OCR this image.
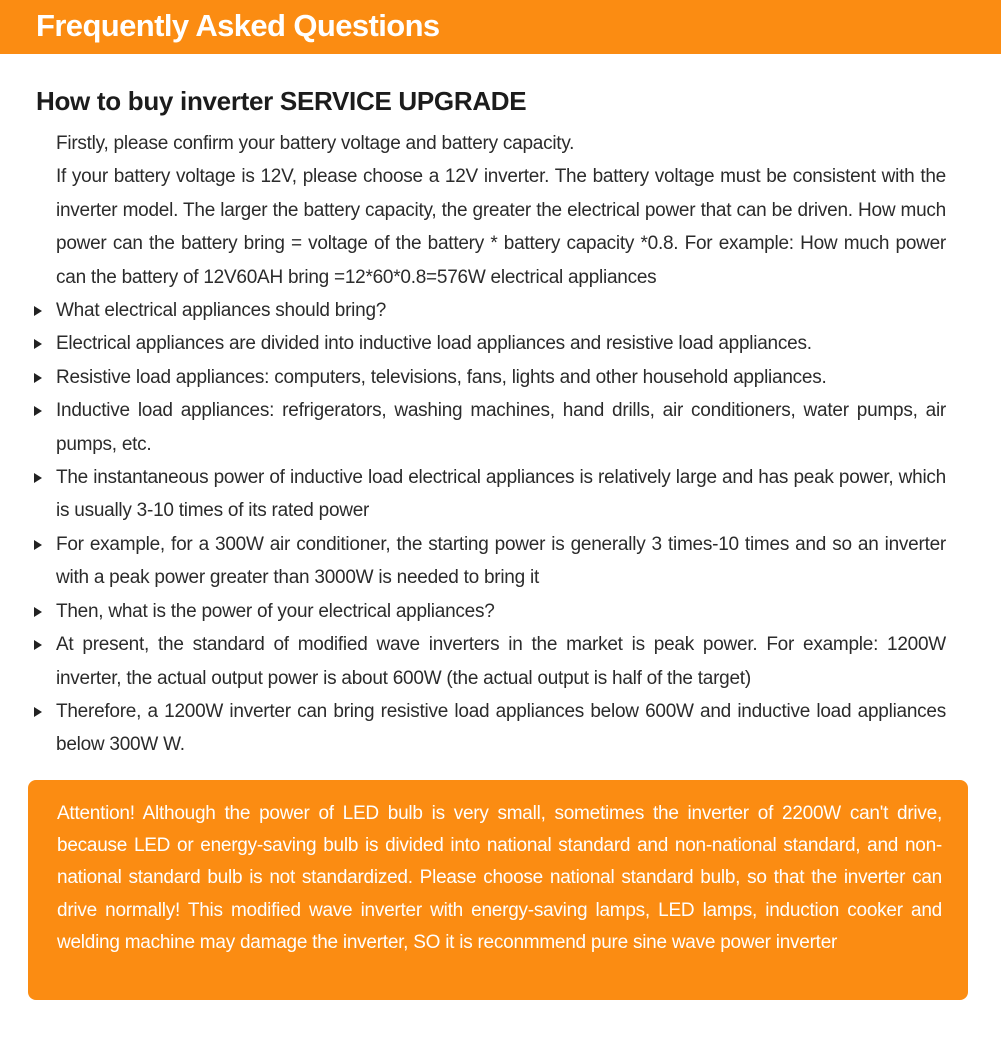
Frequently Asked Questions
How to buy inverter SERVICE UPGRADE

Firstly, please confirm your battery voltage and battery capacity.

If your battery voltage is 12V, please choose a 12V inverter. The battery voltage must be consistent with the inverter model. The larger the battery capacity, the greater the electrical power that can be driven. How much power can the battery bring = voltage of the battery * battery capacity *0.8. For example: How much power can the battery of 12V60AH bring =12*60*0.8=576W electrical appliances

What electrical appliances should bring?
Electrical appliances are divided into inductive load appliances and resistive load appliances.
Resistive load appliances: computers, televisions, fans, lights and other household appliances.
Inductive load appliances: refrigerators, washing machines, hand drills, air conditioners, water pumps, air pumps, etc.
The instantaneous power of inductive load electrical appliances is relatively large and has peak power, which is usually 3-10 times of its rated power
For example, for a 300W air conditioner, the starting power is generally 3 times-10 times and so an inverter with a peak power greater than 3000W is needed to bring it
Then, what is the power of your electrical appliances?
At present, the standard of modified wave inverters in the market is peak power. For example: 1200W inverter, the actual output power is about 600W (the actual output is half of the target)
Therefore, a 1200W inverter can bring resistive load appliances below 600W and inductive load appliances below 300W W.

Attention! Although the power of LED bulb is very small, sometimes the inverter of 2200W can't drive, because LED or energy-saving bulb is divided into national standard and non-national standard, and non-national standard bulb is not standardized. Please choose national standard bulb, so that the inverter can drive normally! This modified wave inverter with energy-saving lamps, LED lamps, induction cooker and welding machine may damage the inverter, SO it is reconmmend pure sine wave power inverter
